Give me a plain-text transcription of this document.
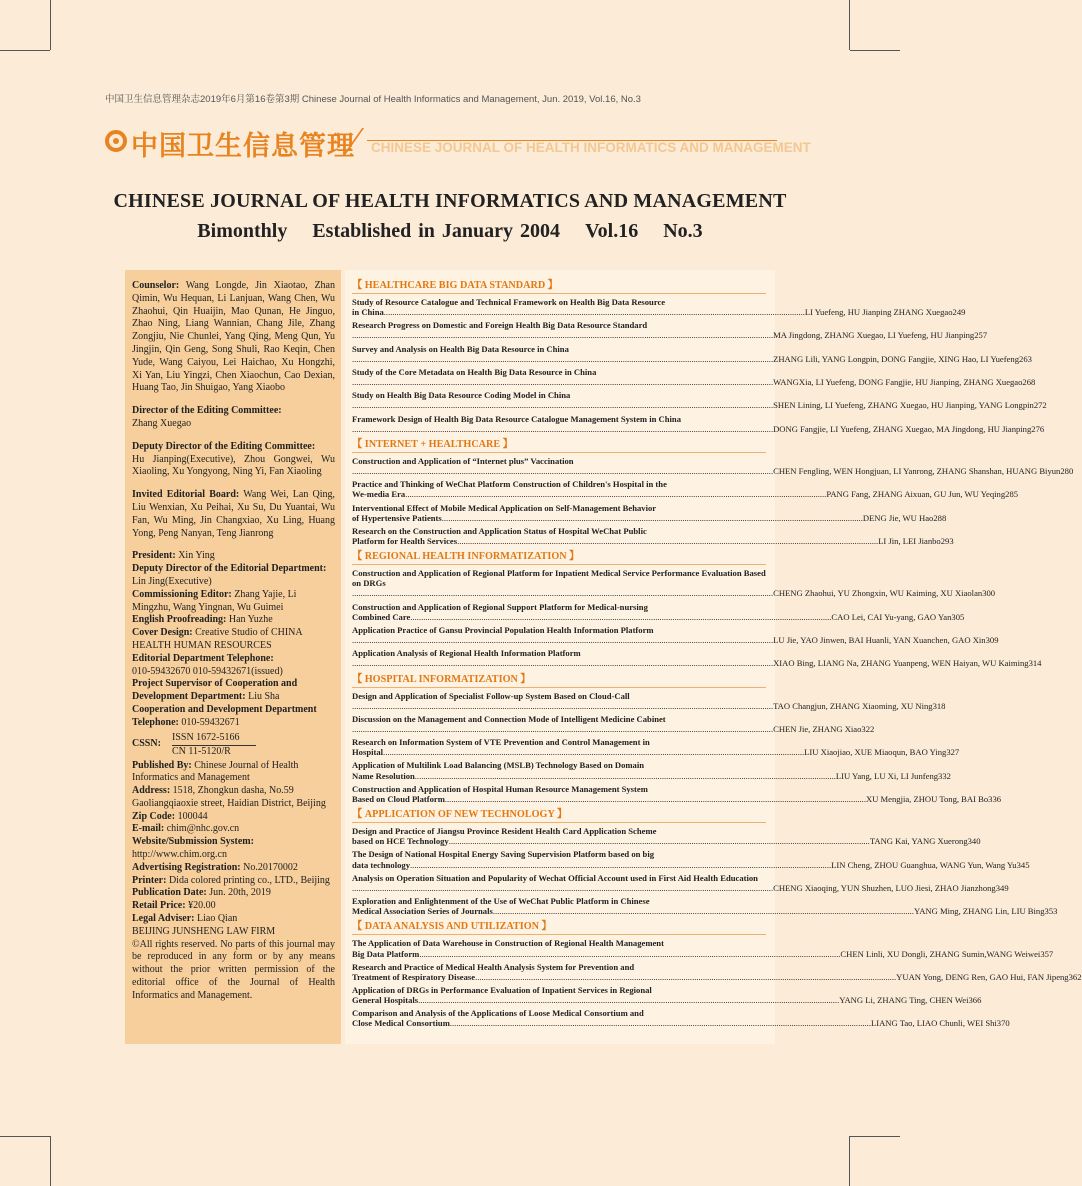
中国卫生信息管理杂志2019年6月第16卷第3期 Chinese Journal of Health Informatics and Management, Jun. 2019, Vol.16, No.3
中国卫生信息管理 CHINESE JOURNAL OF HEALTH INFORMATICS AND MANAGEMENT
CHINESE JOURNAL OF HEALTH INFORMATICS AND MANAGEMENT
Bimonthly Established in January 2004 Vol.16 No.3

Counselor: Wang Longde, Jin Xiaotao, Zhan Qimin, Wu Hequan, Li Lanjuan, Wang Chen, Wu Zhaohui, Qin Huaijin, Mao Qunan, He Jinguo, Zhao Ning, Liang Wannian, Chang Jile, Zhang Zongjiu, Nie Chunlei, Yang Qing, Meng Qun, Yu Jingjin, Qin Geng, Song Shuli, Rao Keqin, Chen Yude, Wang Caiyou, Lei Haichao, Xu Hongzhi, Xi Yan, Liu Yingzi, Chen Xiaochun, Cao Dexian, Huang Tao, Jin Shuigao, Yang Xiaobo

Director of the Editing Committee:
Zhang Xuegao

Deputy Director of the Editing Committee:
Hu Jianping(Executive), Zhou Gongwei, Wu Xiaoling, Xu Yongyong, Ning Yi, Fan Xiaoling

Invited Editorial Board: Wang Wei, Lan Qing, Liu Wenxian, Xu Peihai, Xu Su, Du Yuantai, Wu Fan, Wu Ming, Jin Changxiao, Xu Ling, Huang Yong, Peng Nanyan, Teng Jianrong

President: Xin Ying

Deputy Director of the Editorial Department: Lin Jing(Executive)

Commissioning Editor: Zhang Yajie, Li Mingzhu, Wang Yingnan, Wu Guimei

English Proofreading: Han Yuzhe

Cover Design: Creative Studio of CHINA HEALTH HUMAN RESOURCES

Editorial Department Telephone:
010-59432670 010-59432671(issued)

Project Supervisor of Cooperation and Development Department: Liu Sha

Cooperation and Development Department Telephone: 010-59432671

CSSN:
ISSN 1672-5166
CN 11-5120/R

Published By: Chinese Journal of Health Informatics and Management

Address: 1518, Zhongkun dasha, No.59 Gaoliangqiaoxie street, Haidian District, Beijing

Zip Code: 100044

E-mail: chim@nhc.gov.cn

Website/Submission System: http://www.chim.org.cn

Advertising Registration: No.20170002

Printer: Dida colored printing co., LTD., Beijing

Publication Date: Jun. 20th, 2019

Retail Price: ¥20.00

Legal Adviser: Liao Qian

BEIJING JUNSHENG LAW FIRM

©All rights reserved. No parts of this journal may be reproduced in any form or by any means without the prior written permission of the editorial office of the Journal of Health Informatics and Management.

【 HEALTHCARE BIG DATA STANDARD 】
Study of Resource Catalogue and Technical Framework on Health Big Data Resource
in China .................................................................................................................................................................................................... LI Yuefeng, HU Jianping ZHANG Xuegao 249
Research Progress on Domestic and Foreign Health Big Data Resource Standard
.................................................................................................................................................................................................... MA Jingdong, ZHANG Xuegao, LI Yuefeng, HU Jianping 257
Survey and Analysis on Health Big Data Resource in China
.................................................................................................................................................................................................... ZHANG Lili, YANG Longpin, DONG Fangjie, XING Hao, LI Yuefeng 263
Study of the Core Metadata on Health Big Data Resource in China
.................................................................................................................................................................................................... WANGXia, LI Yuefeng, DONG Fangjie, HU Jianping, ZHANG Xuegao 268
Study on Health Big Data Resource Coding Model in China
.................................................................................................................................................................................................... SHEN Lining, LI Yuefeng, ZHANG Xuegao, HU Jianping, YANG Longpin 272
Framework Design of Health Big Data Resource Catalogue Management System in China
.................................................................................................................................................................................................... DONG Fangjie, LI Yuefeng, ZHANG Xuegao, MA Jingdong, HU Jianping 276
【 INTERNET + HEALTHCARE 】
Construction and Application of “Internet plus” Vaccination
.................................................................................................................................................................................................... CHEN Fengling, WEN Hongjuan, LI Yanrong, ZHANG Shanshan, HUANG Biyun 280
Practice and Thinking of WeChat Platform Construction of Children's Hospital in the
We-media Era .................................................................................................................................................................................................... PANG Fang, ZHANG Aixuan, GU Jun, WU Yeqing 285
Interventional Effect of Mobile Medical Application on Self-Management Behavior
of Hypertensive Patients .................................................................................................................................................................................................... DENG Jie, WU Hao 288
Research on the Construction and Application Status of Hospital WeChat Public
Platform for Health Services .................................................................................................................................................................................................... LI Jin, LEI Jianbo 293
【 REGIONAL HEALTH INFORMATIZATION 】
Construction and Application of Regional Platform for Inpatient Medical Service Performance Evaluation Based on DRGs
.................................................................................................................................................................................................... CHENG Zhaohui, YU Zhongxin, WU Kaiming, XU Xiaolan 300
Construction and Application of Regional Support Platform for Medical-nursing
Combined Care .................................................................................................................................................................................................... CAO Lei, CAI Yu-yang, GAO Yan 305
Application Practice of Gansu Provincial Population Health Information Platform
.................................................................................................................................................................................................... LU Jie, YAO Jinwen, BAI Huanli, YAN Xuanchen, GAO Xin 309
Application Analysis of Regional Health Information Platform
.................................................................................................................................................................................................... XIAO Bing, LIANG Na, ZHANG Yuanpeng, WEN Haiyan, WU Kaiming 314
【 HOSPITAL INFORMATIZATION 】
Design and Application of Specialist Follow-up System Based on Cloud-Call
.................................................................................................................................................................................................... TAO Changjun, ZHANG Xiaoming, XU Ning 318
Discussion on the Management and Connection Mode of Intelligent Medicine Cabinet
.................................................................................................................................................................................................... CHEN Jie, ZHANG Xiao 322
Research on Information System of VTE Prevention and Control Management in
Hospital .................................................................................................................................................................................................... LIU Xiaojiao, XUE Miaoqun, BAO Ying 327
Application of Multilink Load Balancing (MSLB) Technology Based on Domain
Name Resolution .................................................................................................................................................................................................... LIU Yang, LU Xi, LI Junfeng 332
Construction and Application of Hospital Human Resource Management System
Based on Cloud Platform .................................................................................................................................................................................................... XU Mengjia, ZHOU Tong, BAI Bo 336
【 APPLICATION OF NEW TECHNOLOGY 】
Design and Practice of Jiangsu Province Resident Health Card Application Scheme
based on HCE Technology .................................................................................................................................................................................................... TANG Kai, YANG Xuerong 340
The Design of National Hospital Energy Saving Supervision Platform based on big
data technology .................................................................................................................................................................................................... LIN Cheng, ZHOU Guanghua, WANG Yun, Wang Yu 345
Analysis on Operation Situation and Popularity of Wechat Official Account used in First Aid Health Education
.................................................................................................................................................................................................... CHENG Xiaoqing, YUN Shuzhen, LUO Jiesi, ZHAO Jianzhong 349
Exploration and Enlightenment of the Use of WeChat Public Platform in Chinese
Medical Association Series of Journals .................................................................................................................................................................................................... YANG Ming, ZHANG Lin, LIU Bing 353
【 DATA ANALYSIS AND UTILIZATION 】
The Application of Data Warehouse in Construction of Regional Health Management
Big Data Platform .................................................................................................................................................................................................... CHEN Linli, XU Dongli, ZHANG Sumin,WANG Weiwei 357
Research and Practice of Medical Health Analysis System for Prevention and
Treatment of Respiratory Disease .................................................................................................................................................................................................... YUAN Yong, DENG Ren, GAO Hui, FAN Jipeng 362
Application of DRGs in Performance Evaluation of Inpatient Services in Regional
General Hospitals .................................................................................................................................................................................................... YANG Li, ZHANG Ting, CHEN Wei 366
Comparison and Analysis of the Applications of Loose Medical Consortium and
Close Medical Consortium .................................................................................................................................................................................................... LIANG Tao, LIAO Chunli, WEI Shi 370
